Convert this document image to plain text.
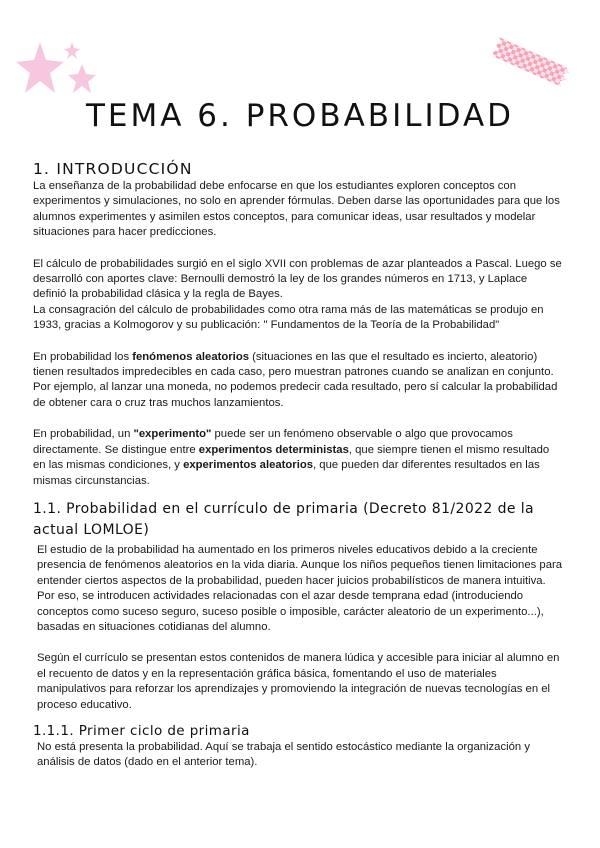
TEMA 6. PROBABILIDAD
1. INTRODUCCIÓN

La enseñanza de la probabilidad debe enfocarse en que los estudiantes exploren conceptos con experimentos y simulaciones, no solo en aprender fórmulas. Deben darse las oportunidades para que los alumnos experimentes y asimilen estos conceptos, para comunicar ideas, usar resultados y modelar situaciones para hacer predicciones.

El cálculo de probabilidades surgió en el siglo XVII con problemas de azar planteados a Pascal. Luego se desarrolló con aportes clave: Bernoulli demostró la ley de los grandes números en 1713, y Laplace definió la probabilidad clásica y la regla de Bayes.

La consagración del cálculo de probabilidades como otra rama más de las matemáticas se produjo en 1933, gracias a Kolmogorov y su publicación: " Fundamentos de la Teoría de la Probabilidad"

En probabilidad los fenómenos aleatorios (situaciones en las que el resultado es incierto, aleatorio) tienen resultados impredecibles en cada caso, pero muestran patrones cuando se analizan en conjunto. Por ejemplo, al lanzar una moneda, no podemos predecir cada resultado, pero sí calcular la probabilidad de obtener cara o cruz tras muchos lanzamientos.

En probabilidad, un "experimento" puede ser un fenómeno observable o algo que provocamos directamente. Se distingue entre experimentos deterministas, que siempre tienen el mismo resultado en las mismas condiciones, y experimentos aleatorios, que pueden dar diferentes resultados en las mismas circunstancias.

1.1. Probabilidad en el currículo de primaria (Decreto 81/2022 de la actual LOMLOE)

El estudio de la probabilidad ha aumentado en los primeros niveles educativos debido a la creciente presencia de fenómenos aleatorios en la vida diaria. Aunque los niños pequeños tienen limitaciones para entender ciertos aspectos de la probabilidad, pueden hacer juicios probabilísticos de manera intuitiva. Por eso, se introducen actividades relacionadas con el azar desde temprana edad (introduciendo conceptos como suceso seguro, suceso posible o imposible, carácter aleatorio de un experimento...), basadas en situaciones cotidianas del alumno.

Según el currículo se presentan estos contenidos de manera lúdica y accesible para iniciar al alumno en el recuento de datos y en la representación gráfica básica, fomentando el uso de materiales manipulativos para reforzar los aprendizajes y promoviendo la integración de nuevas tecnologías en el proceso educativo.

1.1.1. Primer ciclo de primaria

No está presenta la probabilidad. Aquí se trabaja el sentido estocástico mediante la organización y análisis de datos (dado en el anterior tema).
